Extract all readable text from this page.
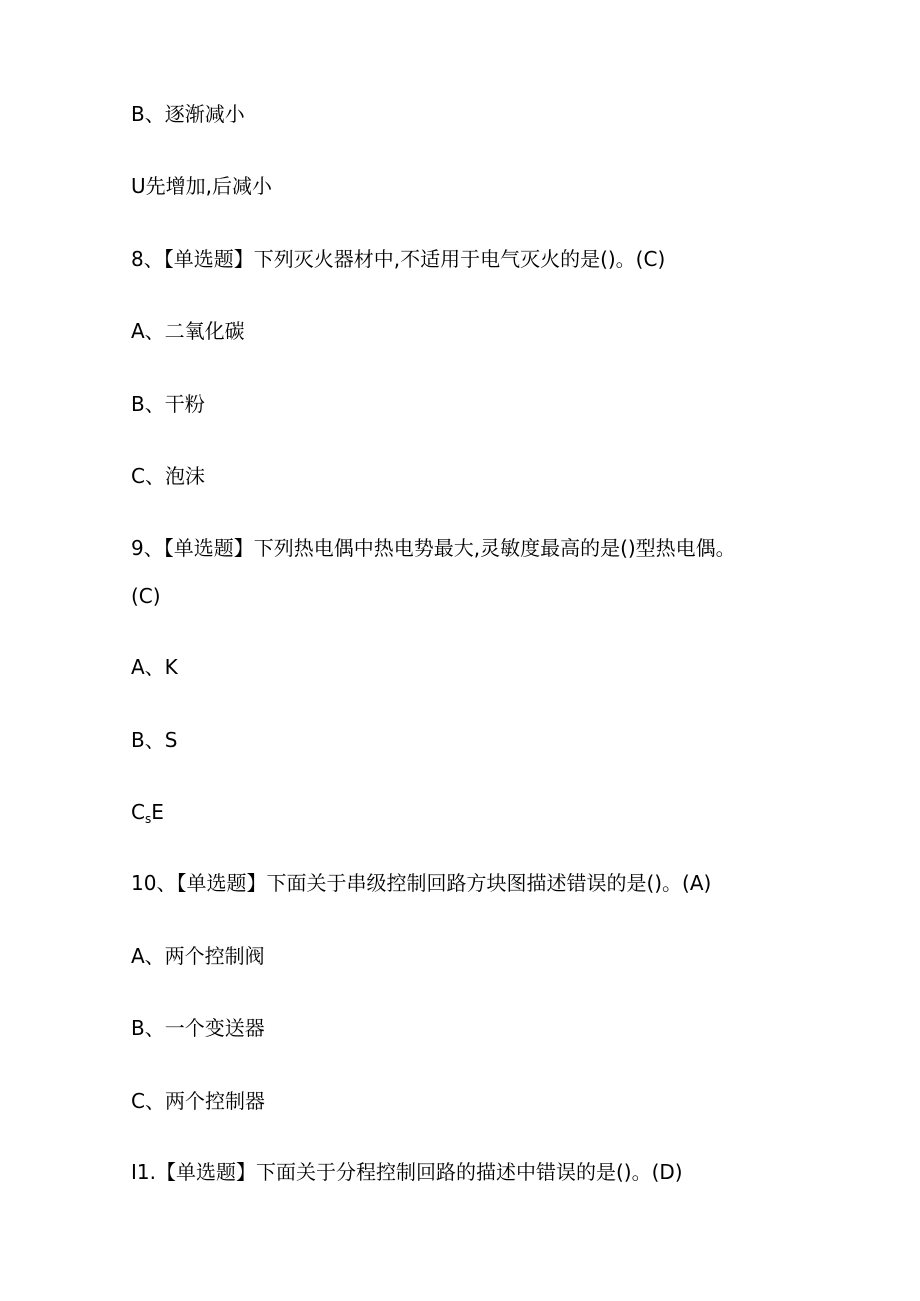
B、逐渐减小

U先增加,后减小

8、【单选题】下列灭火器材中,不适用于电气灭火的是()。(C)

A、二氧化碳

B、干粉

C、泡沫

9、【单选题】下列热电偶中热电势最大,灵敏度最高的是()型热电偶。

(C)

A、K

B、S

$C_sE$

10、【单选题】下面关于串级控制回路方块图描述错误的是()。(A)

A、两个控制阀

B、一个变送器

C、两个控制器

I1.【单选题】下面关于分程控制回路的描述中错误的是()。(D)
